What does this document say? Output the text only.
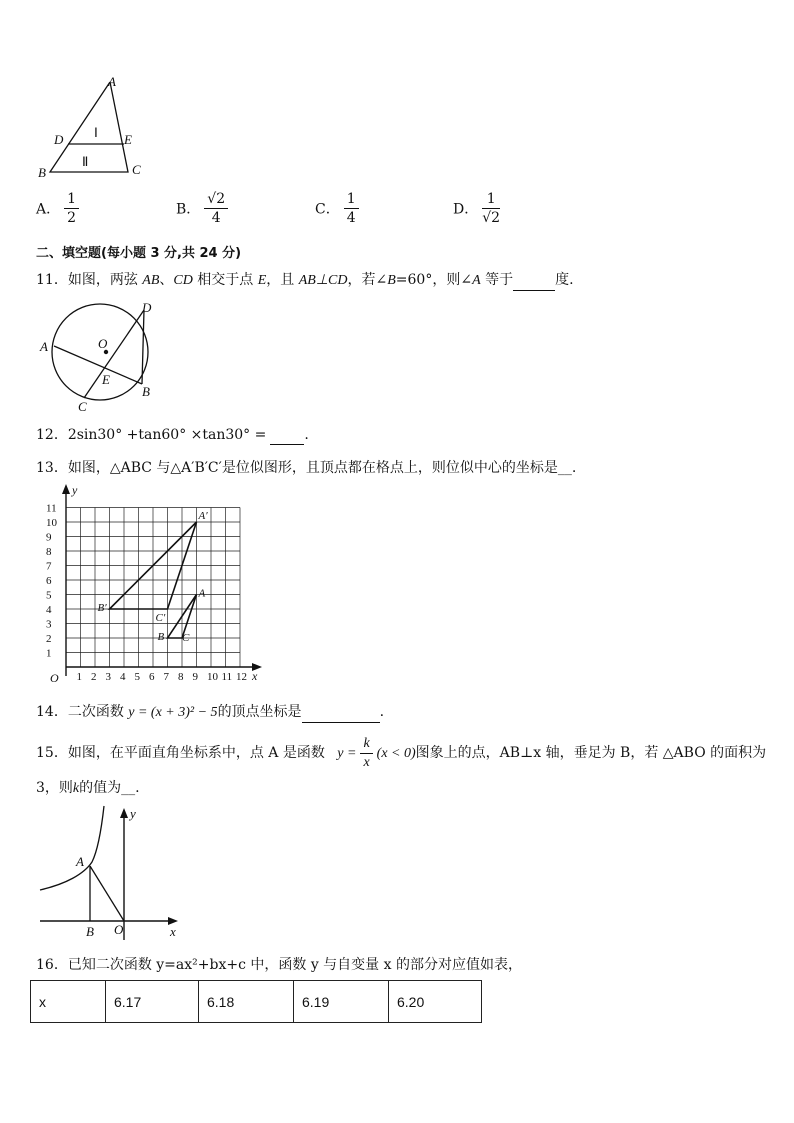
A
D	E
B	C
Ⅰ
Ⅱ
A． $\frac{1}{2}$	B． $\frac{√2}{4}$	C． $\frac{1}{4}$	D． $\frac{1}{√2}$
二、填空题(每小题 3 分,共 24 分)
11．如图，两弦 AB、CD 相交于点 E，且 AB⊥CD，若∠B=60°，则∠A 等于	度.
O
A
D
E
B
C
12．2sin30° +tan60° ×tan30° =	.
13．如图，△ABC 与△A′B′C′是位似图形，且顶点都在格点上，则位似中心的坐标是__.
1 2 3 4 5 6 7 8 9 10 11 12
1
2
3
4
5
6
7
8
9
10
11
O	x
y
A′
B′
C′
A
B C
14．二次函数 y = (x + 3)² − 5的顶点坐标是	.
15．如图，在平面直角坐标系中，点 A 是函数 $y = \frac{k}{x} (x < 0)$图象上的点，AB⊥x 轴，垂足为 B，若 △ABO 的面积为
3，则k的值为__.
A
B O	x
y
16．已知二次函数 y=ax²+bx+c 中，函数 y 与自变量 x 的部分对应值如表，
x	6.17	6.18	6.19	6.20
